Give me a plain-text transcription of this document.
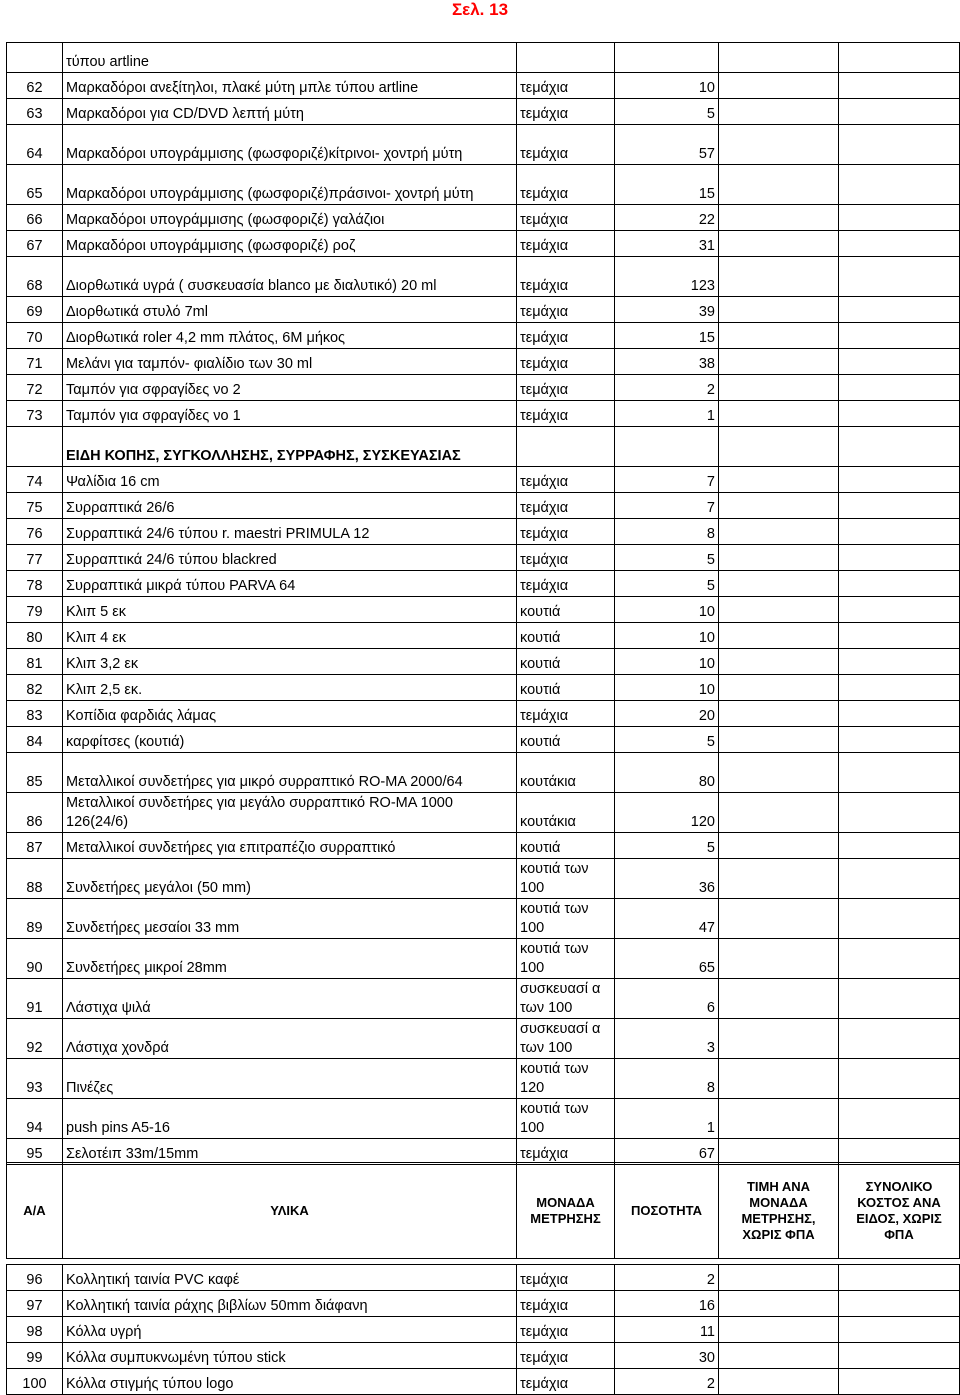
Σελ. 13
	τύπου artline				
62	Μαρκαδόροι ανεξίτηλοι, πλακέ μύτη μπλε τύπου artline	τεμάχια	10		
63	Μαρκαδόροι για CD/DVD λεπτή μύτη	τεμάχια	5		
64	Μαρκαδόροι υπογράμμισης (φωσφοριζέ)κίτρινοι- χοντρή μύτη	τεμάχια	57		
65	Μαρκαδόροι υπογράμμισης (φωσφοριζέ)πράσινοι- χοντρή μύτη	τεμάχια	15		
66	Μαρκαδόροι υπογράμμισης (φωσφοριζέ) γαλάζιοι	τεμάχια	22		
67	Μαρκαδόροι υπογράμμισης (φωσφοριζέ) ροζ	τεμάχια	31		
68	Διορθωτικά υγρά ( συσκευασία blanco με διαλυτικό) 20 ml	τεμάχια	123		
69	Διορθωτικά στυλό 7ml	τεμάχια	39		
70	Διορθωτικά roler 4,2 mm πλάτος, 6Μ μήκος	τεμάχια	15		
71	Μελάνι για ταμπόν- φιαλίδιο των 30 ml	τεμάχια	38		
72	Ταμπόν για σφραγίδες νο 2	τεμάχια	2		
73	Ταμπόν για σφραγίδες νο 1	τεμάχια	1		
	ΕΙΔΗ ΚΟΠΗΣ, ΣΥΓΚΟΛΛΗΣΗΣ, ΣΥΡΡΑΦΗΣ, ΣΥΣΚΕΥΑΣΙΑΣ				
74	Ψαλίδια 16 cm	τεμάχια	7		
75	Συρραπτικά 26/6	τεμάχια	7		
76	Συρραπτικά 24/6 τύπου r. maestri PRIMULA 12	τεμάχια	8		
77	Συρραπτικά 24/6 τύπου blackred	τεμάχια	5		
78	Συρραπτικά μικρά τύπου PARVA 64	τεμάχια	5		
79	Κλιπ 5 εκ	κουτιά	10		
80	Κλιπ 4 εκ	κουτιά	10		
81	Κλιπ 3,2 εκ	κουτιά	10		
82	Κλιπ 2,5 εκ.	κουτιά	10		
83	Κοπίδια φαρδιάς λάμας	τεμάχια	20		
84	καρφίτσες (κουτιά)	κουτιά	5		
85	Μεταλλικοί συνδετήρες για μικρό συρραπτικό RO-MA 2000/64	κουτάκια	80		
86	Μεταλλικοί συνδετήρες για μεγάλο συρραπτικό RO-MA 1000 126(24/6)	κουτάκια	120		
87	Μεταλλικοί συνδετήρες για επιτραπέζιο συρραπτικό	κουτιά	5		
88	Συνδετήρες μεγάλοι (50 mm)	κουτιά των 100	36		
89	Συνδετήρες μεσαίοι 33 mm	κουτιά των 100	47		
90	Συνδετήρες μικροί 28mm	κουτιά των 100	65		
91	Λάστιχα ψιλά	συσκευασί α των 100	6		
92	Λάστιχα χονδρά	συσκευασί α των 100	3		
93	Πινέζες	κουτιά των 120	8		
94	push pins A5-16	κουτιά των 100	1		
95	Σελοτέιπ 33m/15mm	τεμάχια	67		
Α/Α	ΥΛΙΚΑ	ΜΟΝΑΔΑ ΜΕΤΡΗΣΗΣ	ΠΟΣΟΤΗΤΑ	ΤΙΜΗ ΑΝΑ ΜΟΝΑΔΑ ΜΕΤΡΗΣΗΣ, ΧΩΡΙΣ ΦΠΑ	ΣΥΝΟΛΙΚΟ ΚΟΣΤΟΣ ΑΝΑ ΕΙΔΟΣ, ΧΩΡΙΣ ΦΠΑ
96	Κολλητική ταινία PVC καφέ	τεμάχια	2		
97	Κολλητική ταινία ράχης βιβλίων 50mm διάφανη	τεμάχια	16		
98	Κόλλα υγρή	τεμάχια	11		
99	Κόλλα συμπυκνωμένη τύπου stick	τεμάχια	30		
100	Κόλλα στιγμής τύπου logo	τεμάχια	2		
